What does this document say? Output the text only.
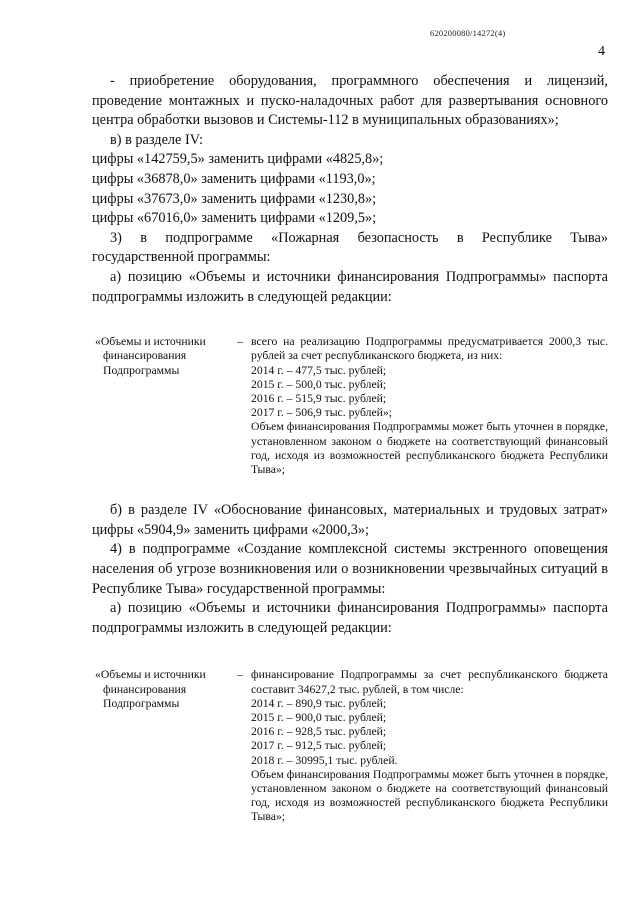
620200080/14272(4)
4

- приобретение оборудования, программного обеспечения и лицензий, проведение монтажных и пуско-наладочных работ для развертывания основного центра обработки вызовов и Системы-112 в муниципальных образованиях»;

в) в разделе IV:

цифры «142759,5» заменить цифрами «4825,8»;

цифры «36878,0» заменить цифрами «1193,0»;

цифры «37673,0» заменить цифрами «1230,8»;

цифры «67016,0» заменить цифрами «1209,5»;

3) в подпрограмме «Пожарная безопасность в Республике Тыва» государственной программы:

а) позицию «Объемы и источники финансирования Подпрограммы» паспорта подпрограммы изложить в следующей редакции:

«Объемы и источники
финансирования
Подпрограммы
– всего на реализацию Подпрограммы предусматривается 2000,3 тыс. рублей за счет республиканского бюджета, из них:

2014 г. – 477,5 тыс. рублей;

2015 г. – 500,0 тыс. рублей;

2016 г. – 515,9 тыс. рублей;

2017 г. – 506,9 тыс. рублей»;

Объем финансирования Подпрограммы может быть уточнен в порядке, установленном законом о бюджете на соответствующий финансовый год, исходя из возможностей республиканского бюджета Республики Тыва»;

б) в разделе IV «Обоснование финансовых, материальных и трудовых затрат» цифры «5904,9» заменить цифрами «2000,3»;

4) в подпрограмме «Создание комплексной системы экстренного оповещения населения об угрозе возникновения или о возникновении чрезвычайных ситуаций в Республике Тыва» государственной программы:

а) позицию «Объемы и источники финансирования Подпрограммы» паспорта подпрограммы изложить в следующей редакции:

«Объемы и источники
финансирования
Подпрограммы
– финансирование Подпрограммы за счет республиканского бюджета составит 34627,2 тыс. рублей, в том числе:

2014 г. – 890,9 тыс. рублей;

2015 г. – 900,0 тыс. рублей;

2016 г. – 928,5 тыс. рублей;

2017 г. – 912,5 тыс. рублей;

2018 г. – 30995,1 тыс. рублей.

Объем финансирования Подпрограммы может быть уточнен в порядке, установленном законом о бюджете на соответствующий финансовый год, исходя из возможностей республиканского бюджета Республики Тыва»;
